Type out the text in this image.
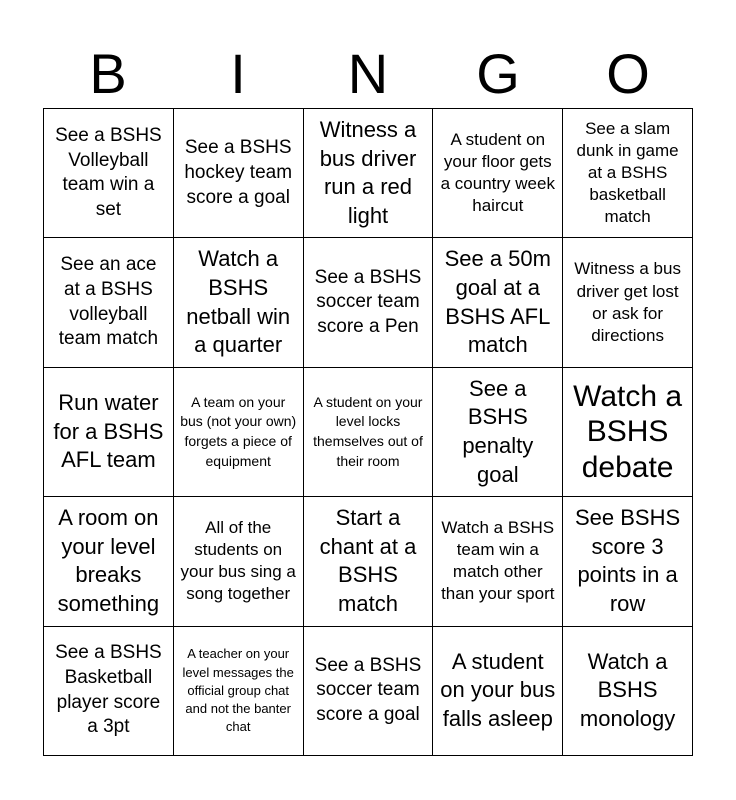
B	I	N	G	O
See a BSHS Volleyball team win a set
See a BSHS hockey team score a goal
Witness a bus driver run a red light
A student on your floor gets a country week haircut
See a slam dunk in game at a BSHS basketball match
See an ace at a BSHS volleyball team match
Watch a BSHS netball win a quarter
See a BSHS soccer team score a Pen
See a 50m goal at a BSHS AFL match
Witness a bus driver get lost or ask for directions
Run water for a BSHS AFL team
A team on your bus (not your own) forgets a piece of equipment
A student on your level locks themselves out of their room
See a BSHS penalty goal
Watch a BSHS debate
A room on your level breaks something
All of the students on your bus sing a song together
Start a chant at a BSHS match
Watch a BSHS team win a match other than your sport
See BSHS score 3 points in a row
See a BSHS Basketball player score a 3pt
A teacher on your level messages the official group chat and not the banter chat
See a BSHS soccer team score a goal
A student on your bus falls asleep
Watch a BSHS monology
